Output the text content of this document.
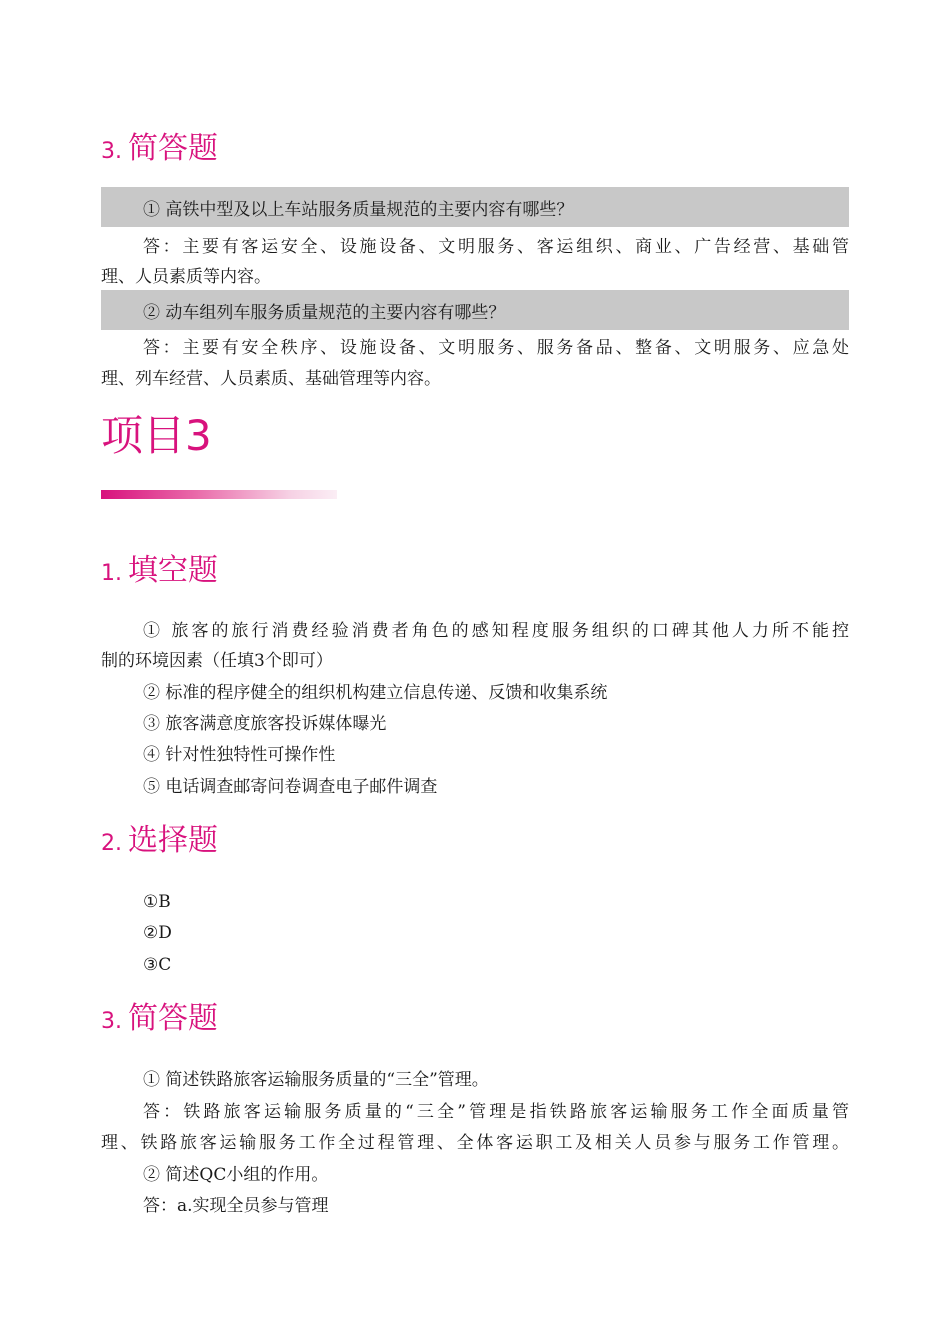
3. 简答题
① 高铁中型及以上车站服务质量规范的主要内容有哪些？
答：主要有客运安全、设施设备、文明服务、客运组织、商业、广告经营、基础管
理、人员素质等内容。
② 动车组列车服务质量规范的主要内容有哪些？
答：主要有安全秩序、设施设备、文明服务、服务备品、整备、文明服务、应急处
理、列车经营、人员素质、基础管理等内容。
项目3
1. 填空题
① 旅客的旅行消费经验消费者角色的感知程度服务组织的口碑其他人力所不能控
制的环境因素（任填3个即可）
② 标准的程序健全的组织机构建立信息传递、反馈和收集系统
③ 旅客满意度旅客投诉媒体曝光
④ 针对性独特性可操作性
⑤ 电话调查邮寄问卷调查电子邮件调查
2. 选择题
①B
②D
③C
3. 简答题
① 简述铁路旅客运输服务质量的“三全”管理。
答：铁路旅客运输服务质量的“三全”管理是指铁路旅客运输服务工作全面质量管
理、铁路旅客运输服务工作全过程管理、全体客运职工及相关人员参与服务工作管理。
② 简述QC小组的作用。
答：a.实现全员参与管理
